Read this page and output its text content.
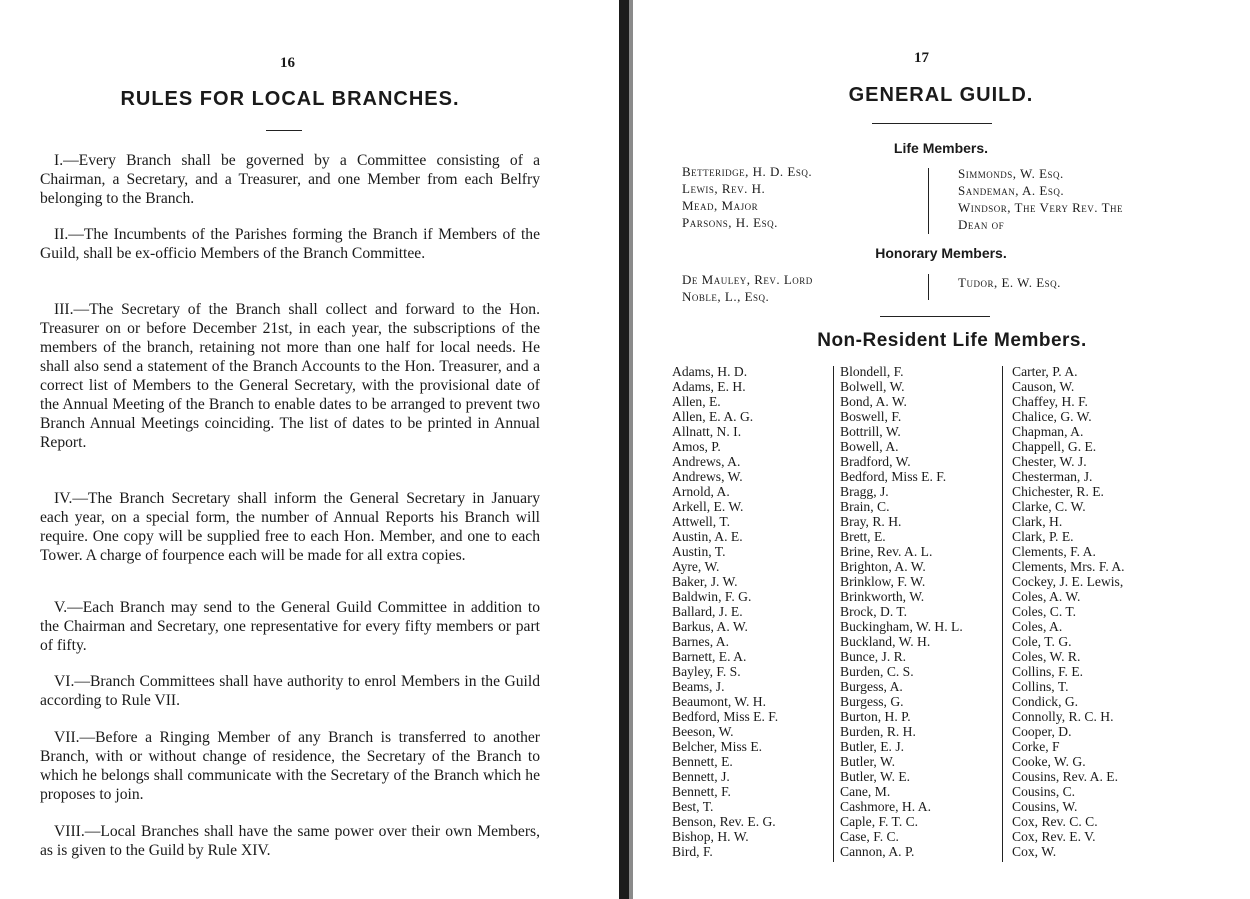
16
RULES FOR LOCAL BRANCHES.

I.—Every Branch shall be governed by a Committee consisting of a Chairman, a Secretary, and a Treasurer, and one Member from each Belfry belonging to the Branch.

II.—The Incumbents of the Parishes forming the Branch if Members of the Guild, shall be ex-officio Members of the Branch Committee.

III.—The Secretary of the Branch shall collect and forward to the Hon. Treasurer on or before December 21st, in each year, the subscriptions of the members of the branch, retaining not more than one half for local needs. He shall also send a statement of the Branch Accounts to the Hon. Treasurer, and a correct list of Members to the General Secretary, with the provisional date of the Annual Meeting of the Branch to enable dates to be arranged to prevent two Branch Annual Meetings coinciding. The list of dates to be printed in Annual Report.

IV.—The Branch Secretary shall inform the General Secretary in January each year, on a special form, the number of Annual Reports his Branch will require. One copy will be supplied free to each Hon. Member, and one to each Tower. A charge of fourpence each will be made for all extra copies.

V.—Each Branch may send to the General Guild Committee in addition to the Chairman and Secretary, one representative for every fifty members or part of fifty.

VI.—Branch Committees shall have authority to enrol Members in the Guild according to Rule VII.

VII.—Before a Ringing Member of any Branch is transferred to another Branch, with or without change of residence, the Secretary of the Branch to which he belongs shall communicate with the Secretary of the Branch which he proposes to join.

VIII.—Local Branches shall have the same power over their own Members, as is given to the Guild by Rule XIV.

17
GENERAL GUILD.
Life Members.
Betteridge, H. D. Esq.
Lewis, Rev. H.
Mead, Major
Parsons, H. Esq.
Simmonds, W. Esq.
Sandeman, A. Esq.
Windsor, The Very Rev. The
Dean of
Honorary Members.
De Mauley, Rev. Lord
Noble, L., Esq.
Tudor, E. W. Esq.
Non-Resident Life Members.
Adams, H. D.
Adams, E. H.
Allen, E.
Allen, E. A. G.
Allnatt, N. I.
Amos, P.
Andrews, A.
Andrews, W.
Arnold, A.
Arkell, E. W.
Attwell, T.
Austin, A. E.
Austin, T.
Ayre, W.
Baker, J. W.
Baldwin, F. G.
Ballard, J. E.
Barkus, A. W.
Barnes, A.
Barnett, E. A.
Bayley, F. S.
Beams, J.
Beaumont, W. H.
Bedford, Miss E. F.
Beeson, W.
Belcher, Miss E.
Bennett, E.
Bennett, J.
Bennett, F.
Best, T.
Benson, Rev. E. G.
Bishop, H. W.
Bird, F.
Blondell, F.
Bolwell, W.
Bond, A. W.
Boswell, F.
Bottrill, W.
Bowell, A.
Bradford, W.
Bedford, Miss E. F.
Bragg, J.
Brain, C.
Bray, R. H.
Brett, E.
Brine, Rev. A. L.
Brighton, A. W.
Brinklow, F. W.
Brinkworth, W.
Brock, D. T.
Buckingham, W. H. L.
Buckland, W. H.
Bunce, J. R.
Burden, C. S.
Burgess, A.
Burgess, G.
Burton, H. P.
Burden, R. H.
Butler, E. J.
Butler, W.
Butler, W. E.
Cane, M.
Cashmore, H. A.
Caple, F. T. C.
Case, F. C.
Cannon, A. P.
Carter, P. A.
Causon, W.
Chaffey, H. F.
Chalice, G. W.
Chapman, A.
Chappell, G. E.
Chester, W. J.
Chesterman, J.
Chichester, R. E.
Clarke, C. W.
Clark, H.
Clark, P. E.
Clements, F. A.
Clements, Mrs. F. A.
Cockey, J. E. Lewis,
Coles, A. W.
Coles, C. T.
Coles, A.
Cole, T. G.
Coles, W. R.
Collins, F. E.
Collins, T.
Condick, G.
Connolly, R. C. H.
Cooper, D.
Corke, F
Cooke, W. G.
Cousins, Rev. A. E.
Cousins, C.
Cousins, W.
Cox, Rev. C. C.
Cox, Rev. E. V.
Cox, W.
